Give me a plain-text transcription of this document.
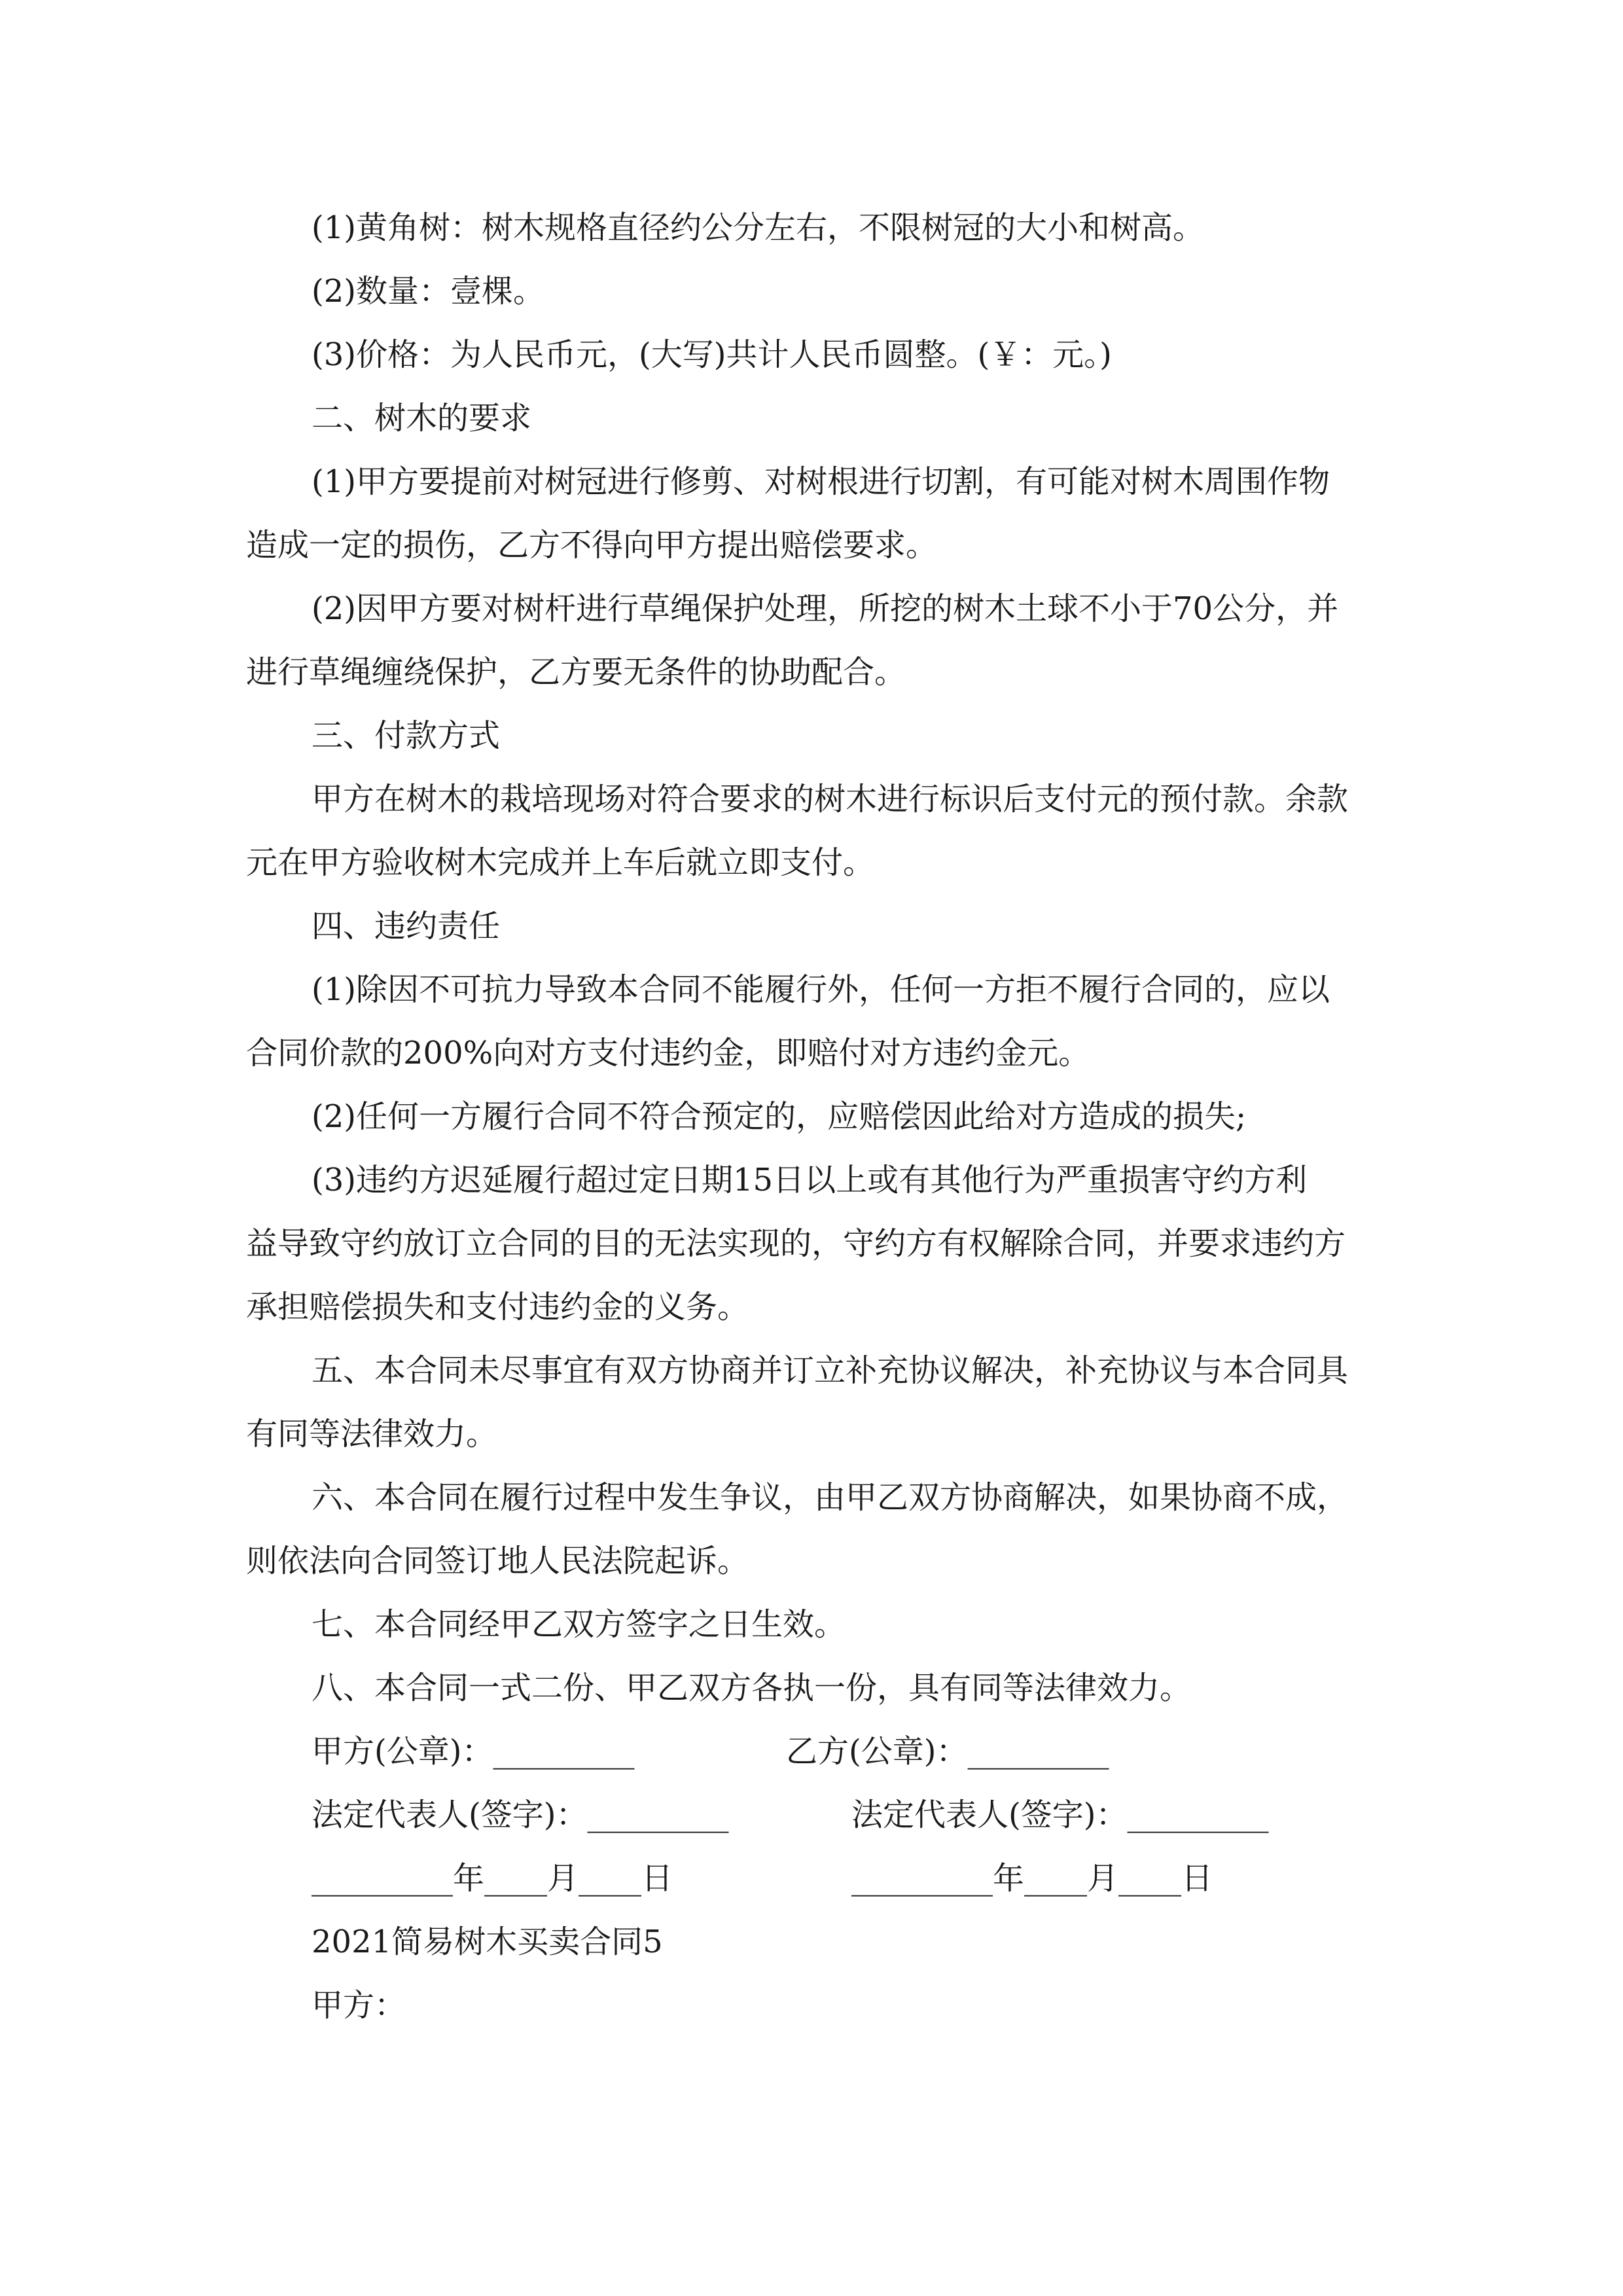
(1)黄角树：树木规格直径约公分左右，不限树冠的大小和树高。
(2)数量：壹棵。
(3)价格：为人民币元，(大写)共计人民币圆整。(￥：元。)
二、树木的要求
(1)甲方要提前对树冠进行修剪、对树根进行切割，有可能对树木周围作物
造成一定的损伤，乙方不得向甲方提出赔偿要求。
(2)因甲方要对树杆进行草绳保护处理，所挖的树木土球不小于70公分，并
进行草绳缠绕保护，乙方要无条件的协助配合。
三、付款方式
甲方在树木的栽培现场对符合要求的树木进行标识后支付元的预付款。余款
元在甲方验收树木完成并上车后就立即支付。
四、违约责任
(1)除因不可抗力导致本合同不能履行外，任何一方拒不履行合同的，应以
合同价款的200%向对方支付违约金，即赔付对方违约金元。
(2)任何一方履行合同不符合预定的，应赔偿因此给对方造成的损失;
(3)违约方迟延履行超过定日期15日以上或有其他行为严重损害守约方利
益导致守约放订立合同的目的无法实现的，守约方有权解除合同，并要求违约方
承担赔偿损失和支付违约金的义务。
五、本合同未尽事宜有双方协商并订立补充协议解决，补充协议与本合同具
有同等法律效力。
六、本合同在履行过程中发生争议，由甲乙双方协商解决，如果协商不成，
则依法向合同签订地人民法院起诉。
七、本合同经甲乙双方签字之日生效。
八、本合同一式二份、甲乙双方各执一份，具有同等法律效力。
甲方(公章)：_________	乙方(公章)：_________
法定代表人(签字)：_________	法定代表人(签字)：_________
_________年____月____日	_________年____月____日
2021简易树木买卖合同5
甲方：
